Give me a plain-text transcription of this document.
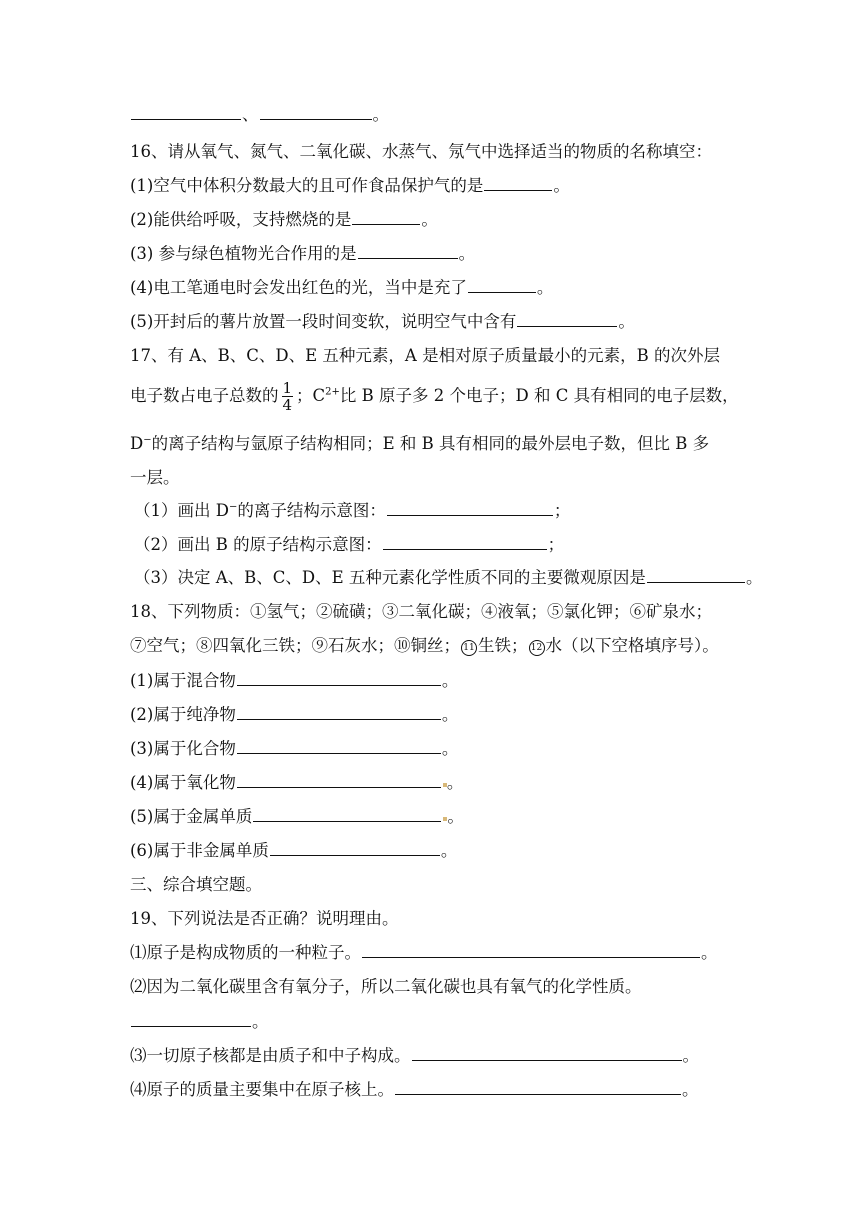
、	。
16、请从氧气、氮气、二氧化碳、水蒸气、氖气中选择适当的物质的名称填空：
(1)空气中体积分数最大的且可作食品保护气的是	。
(2)能供给呼吸，支持燃烧的是	。
(3) 参与绿色植物光合作用的是	。
(4)电工笔通电时会发出红色的光，当中是充了	。
(5)开封后的薯片放置一段时间变软，说明空气中含有	。
17、有 A、B、C、D、E 五种元素，A 是相对原子质量最小的元素，B 的次外层
电子数占电子总数的 $\frac{1}{4}$ ；$C^{2+}$比 B 原子多 2 个电子；D 和 C 具有相同的电子层数，
D−的离子结构与氩原子结构相同；E 和 B 具有相同的最外层电子数，但比 B 多
一层。
（1）画出 D−的离子结构示意图：	；
（2）画出 B 的原子结构示意图：	；
（3）决定 A、B、C、D、E 五种元素化学性质不同的主要微观原因是	。
18、下列物质：①氢气；②硫磺；③二氧化碳；④液氧；⑤氯化钾；⑥矿泉水；
⑦空气；⑧四氧化三铁；⑨石灰水；⑩铜丝； 11 生铁； 12 水（以下空格填序号）。
(1)属于混合物	。
(2)属于纯净物	。
(3)属于化合物	。
(4)属于氧化物	。
(5)属于金属单质	。
(6)属于非金属单质	。
三、综合填空题。
19、下列说法是否正确？说明理由。
⑴原子是构成物质的一种粒子。	。
⑵因为二氧化碳里含有氧分子，所以二氧化碳也具有氧气的化学性质。
。
⑶一切原子核都是由质子和中子构成。	。
⑷原子的质量主要集中在原子核上。	。
